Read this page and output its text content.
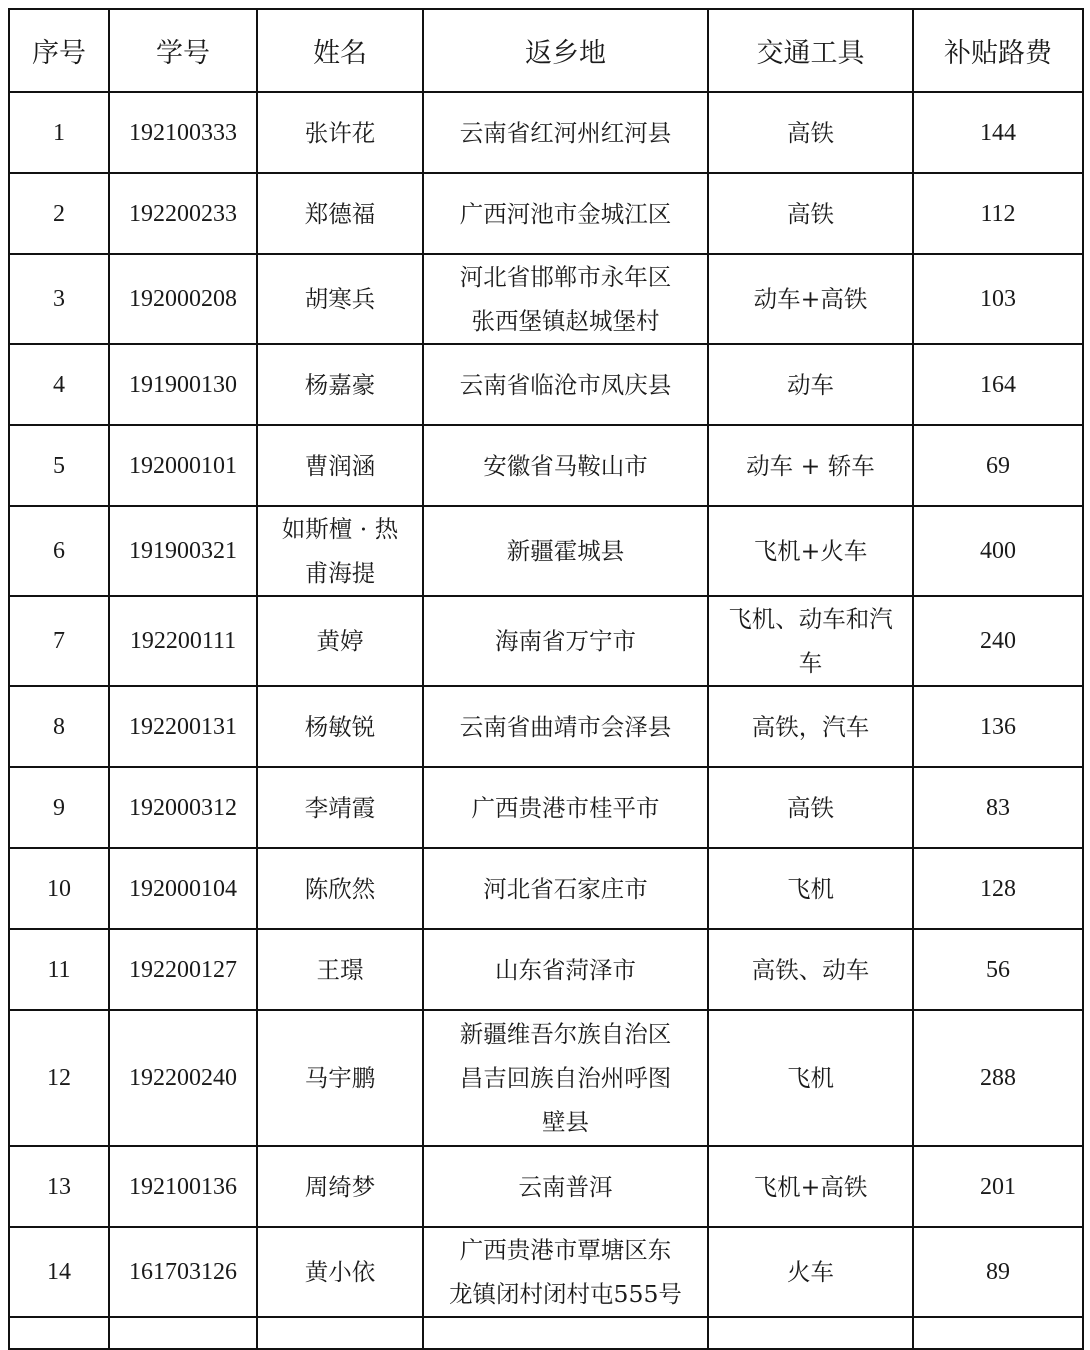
序号	学号	姓名	返乡地	交通工具	补贴路费
1	192100333	张许花	云南省红河州红河县	高铁	144
2	192200233	郑德福	广西河池市金城江区	高铁	112
3	192000208	胡寒兵	河北省邯郸市永年区
张西堡镇赵城堡村	动车+高铁	103
4	191900130	杨嘉豪	云南省临沧市凤庆县	动车	164
5	192000101	曹润涵	安徽省马鞍山市	动车 + 轿车	69
6	191900321	如斯檀 · 热
甫海提	新疆霍城县	飞机+火车	400
7	192200111	黄婷	海南省万宁市	飞机、动车和汽
车	240
8	192200131	杨敏锐	云南省曲靖市会泽县	高铁，汽车	136
9	192000312	李靖霞	广西贵港市桂平市	高铁	83
10	192000104	陈欣然	河北省石家庄市	飞机	128
11	192200127	王璟	山东省菏泽市	高铁、动车	56
12	192200240	马宇鹏	新疆维吾尔族自治区
昌吉回族自治州呼图
壁县	飞机	288
13	192100136	周绮梦	云南普洱	飞机+高铁	201
14	161703126	黄小依	广西贵港市覃塘区东
龙镇闭村闭村屯555号	火车	89
